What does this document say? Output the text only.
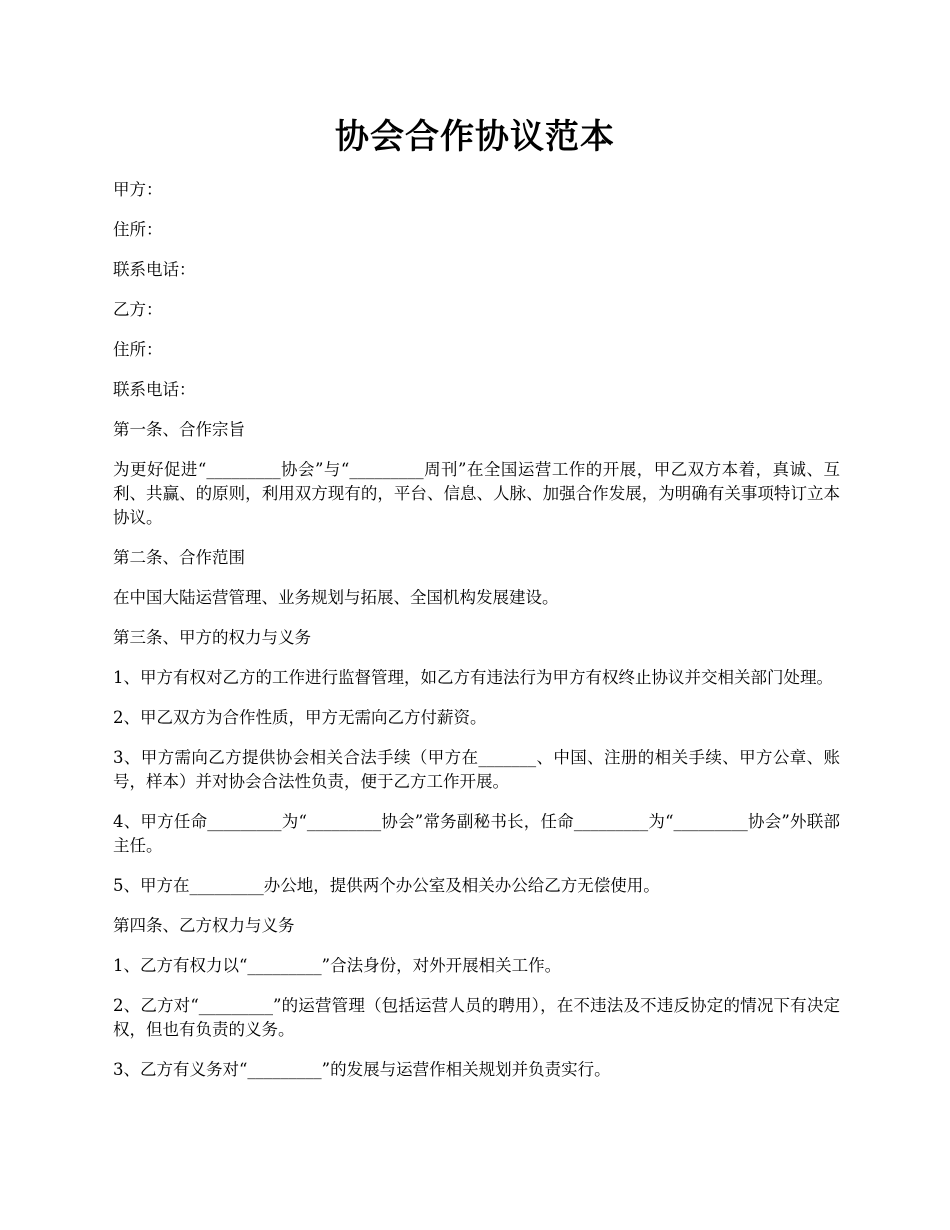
协会合作协议范本

甲方：

住所：

联系电话：

乙方：

住所：

联系电话：

第一条、合作宗旨

为更好促进“_________协会”与“_________周刊”在全国运营工作的开展，甲乙双方本着，真诚、互利、共赢、的原则，利用双方现有的，平台、信息、人脉、加强合作发展，为明确有关事项特订立本协议。

第二条、合作范围

在中国大陆运营管理、业务规划与拓展、全国机构发展建设。

第三条、甲方的权力与义务

1、甲方有权对乙方的工作进行监督管理，如乙方有违法行为甲方有权终止协议并交相关部门处理。

2、甲乙双方为合作性质，甲方无需向乙方付薪资。

3、甲方需向乙方提供协会相关合法手续（甲方在_______、中国、注册的相关手续、甲方公章、账号，样本）并对协会合法性负责，便于乙方工作开展。

4、甲方任命_________为“_________协会”常务副秘书长，任命_________为“_________协会”外联部主任。

5、甲方在_________办公地，提供两个办公室及相关办公给乙方无偿使用。

第四条、乙方权力与义务

1、乙方有权力以“_________”合法身份，对外开展相关工作。

2、乙方对“_________”的运营管理（包括运营人员的聘用），在不违法及不违反协定的情况下有决定权，但也有负责的义务。

3、乙方有义务对“_________”的发展与运营作相关规划并负责实行。
